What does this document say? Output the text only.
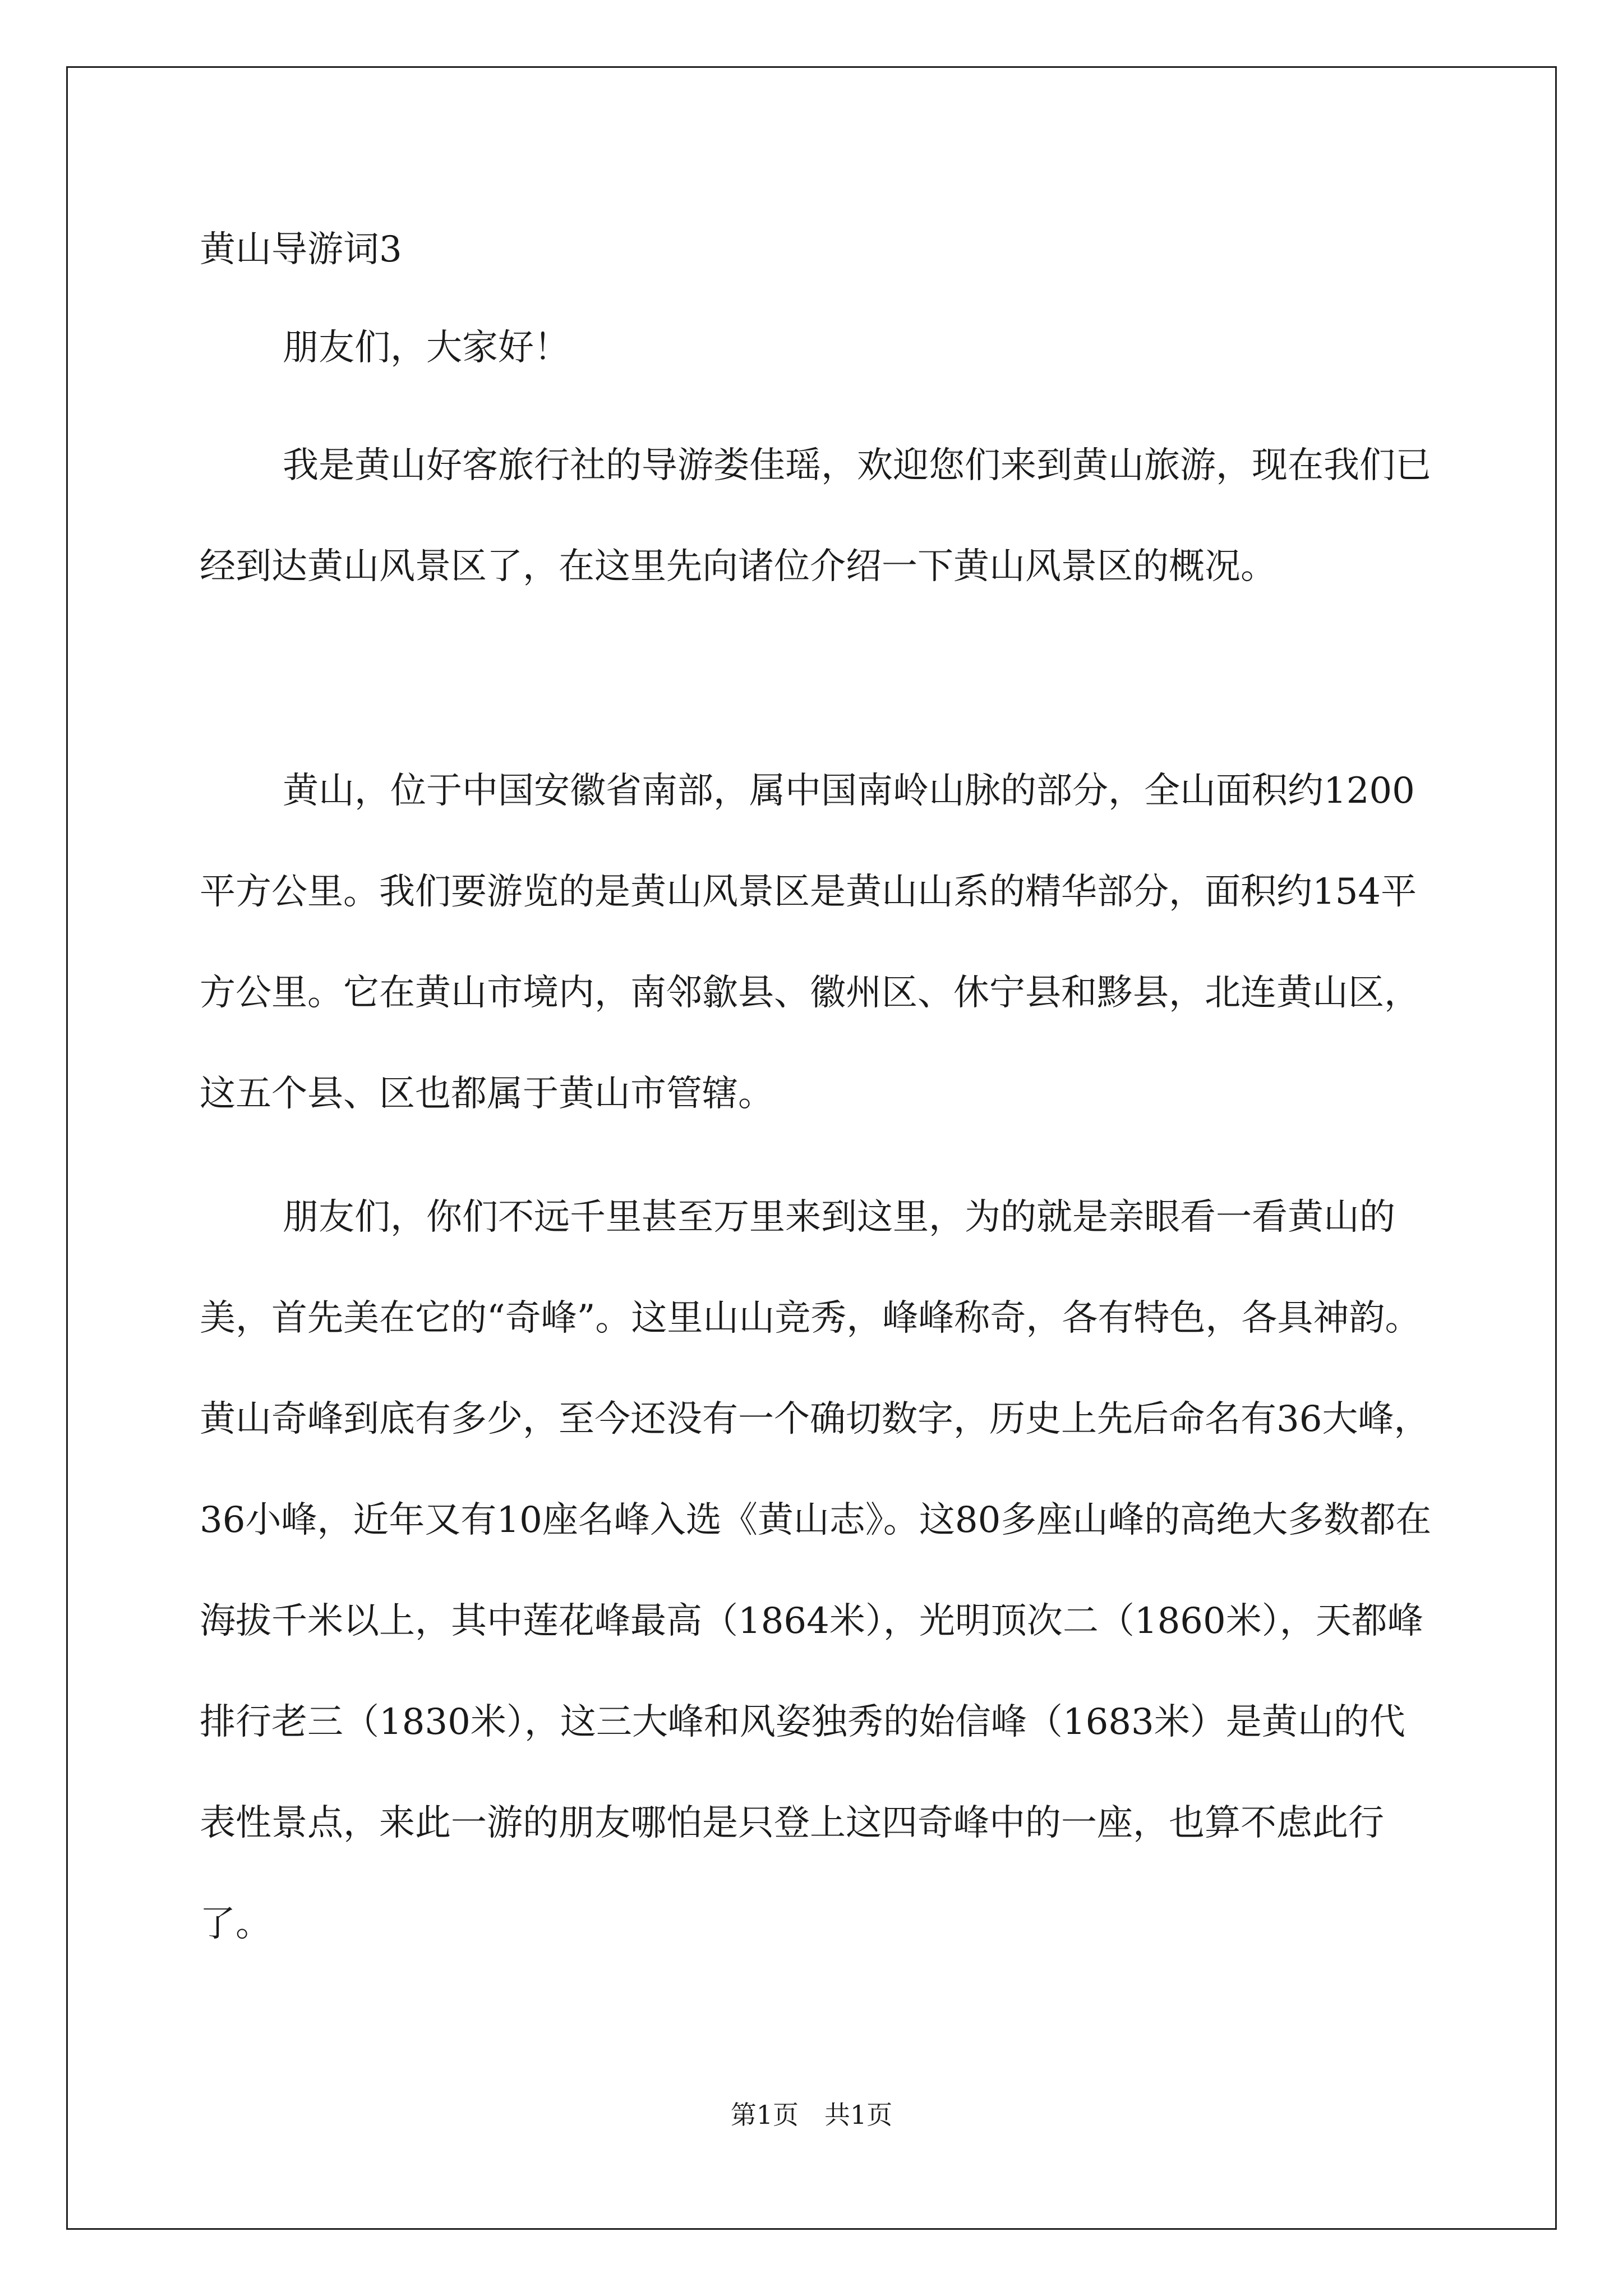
黄山导游词3

朋友们，大家好！

我是黄山好客旅行社的导游娄佳瑶，欢迎您们来到黄山旅游，现在我们已经到达黄山风景区了，在这里先向诸位介绍一下黄山风景区的概况。

黄山，位于中国安徽省南部，属中国南岭山脉的部分，全山面积约1200平方公里。我们要游览的是黄山风景区是黄山山系的精华部分，面积约154平方公里。它在黄山市境内，南邻歙县、徽州区、休宁县和黟县，北连黄山区，这五个县、区也都属于黄山市管辖。

朋友们，你们不远千里甚至万里来到这里，为的就是亲眼看一看黄山的美，首先美在它的“奇峰”。这里山山竞秀，峰峰称奇，各有特色，各具神韵。黄山奇峰到底有多少，至今还没有一个确切数字，历史上先后命名有36大峰，36小峰，近年又有10座名峰入选《黄山志》。这80多座山峰的高绝大多数都在海拔千米以上，其中莲花峰最高（1864米），光明顶次二（1860米），天都峰排行老三（1830米），这三大峰和风姿独秀的始信峰（1683米）是黄山的代表性景点，来此一游的朋友哪怕是只登上这四奇峰中的一座，也算不虑此行了。

第1页　共1页
